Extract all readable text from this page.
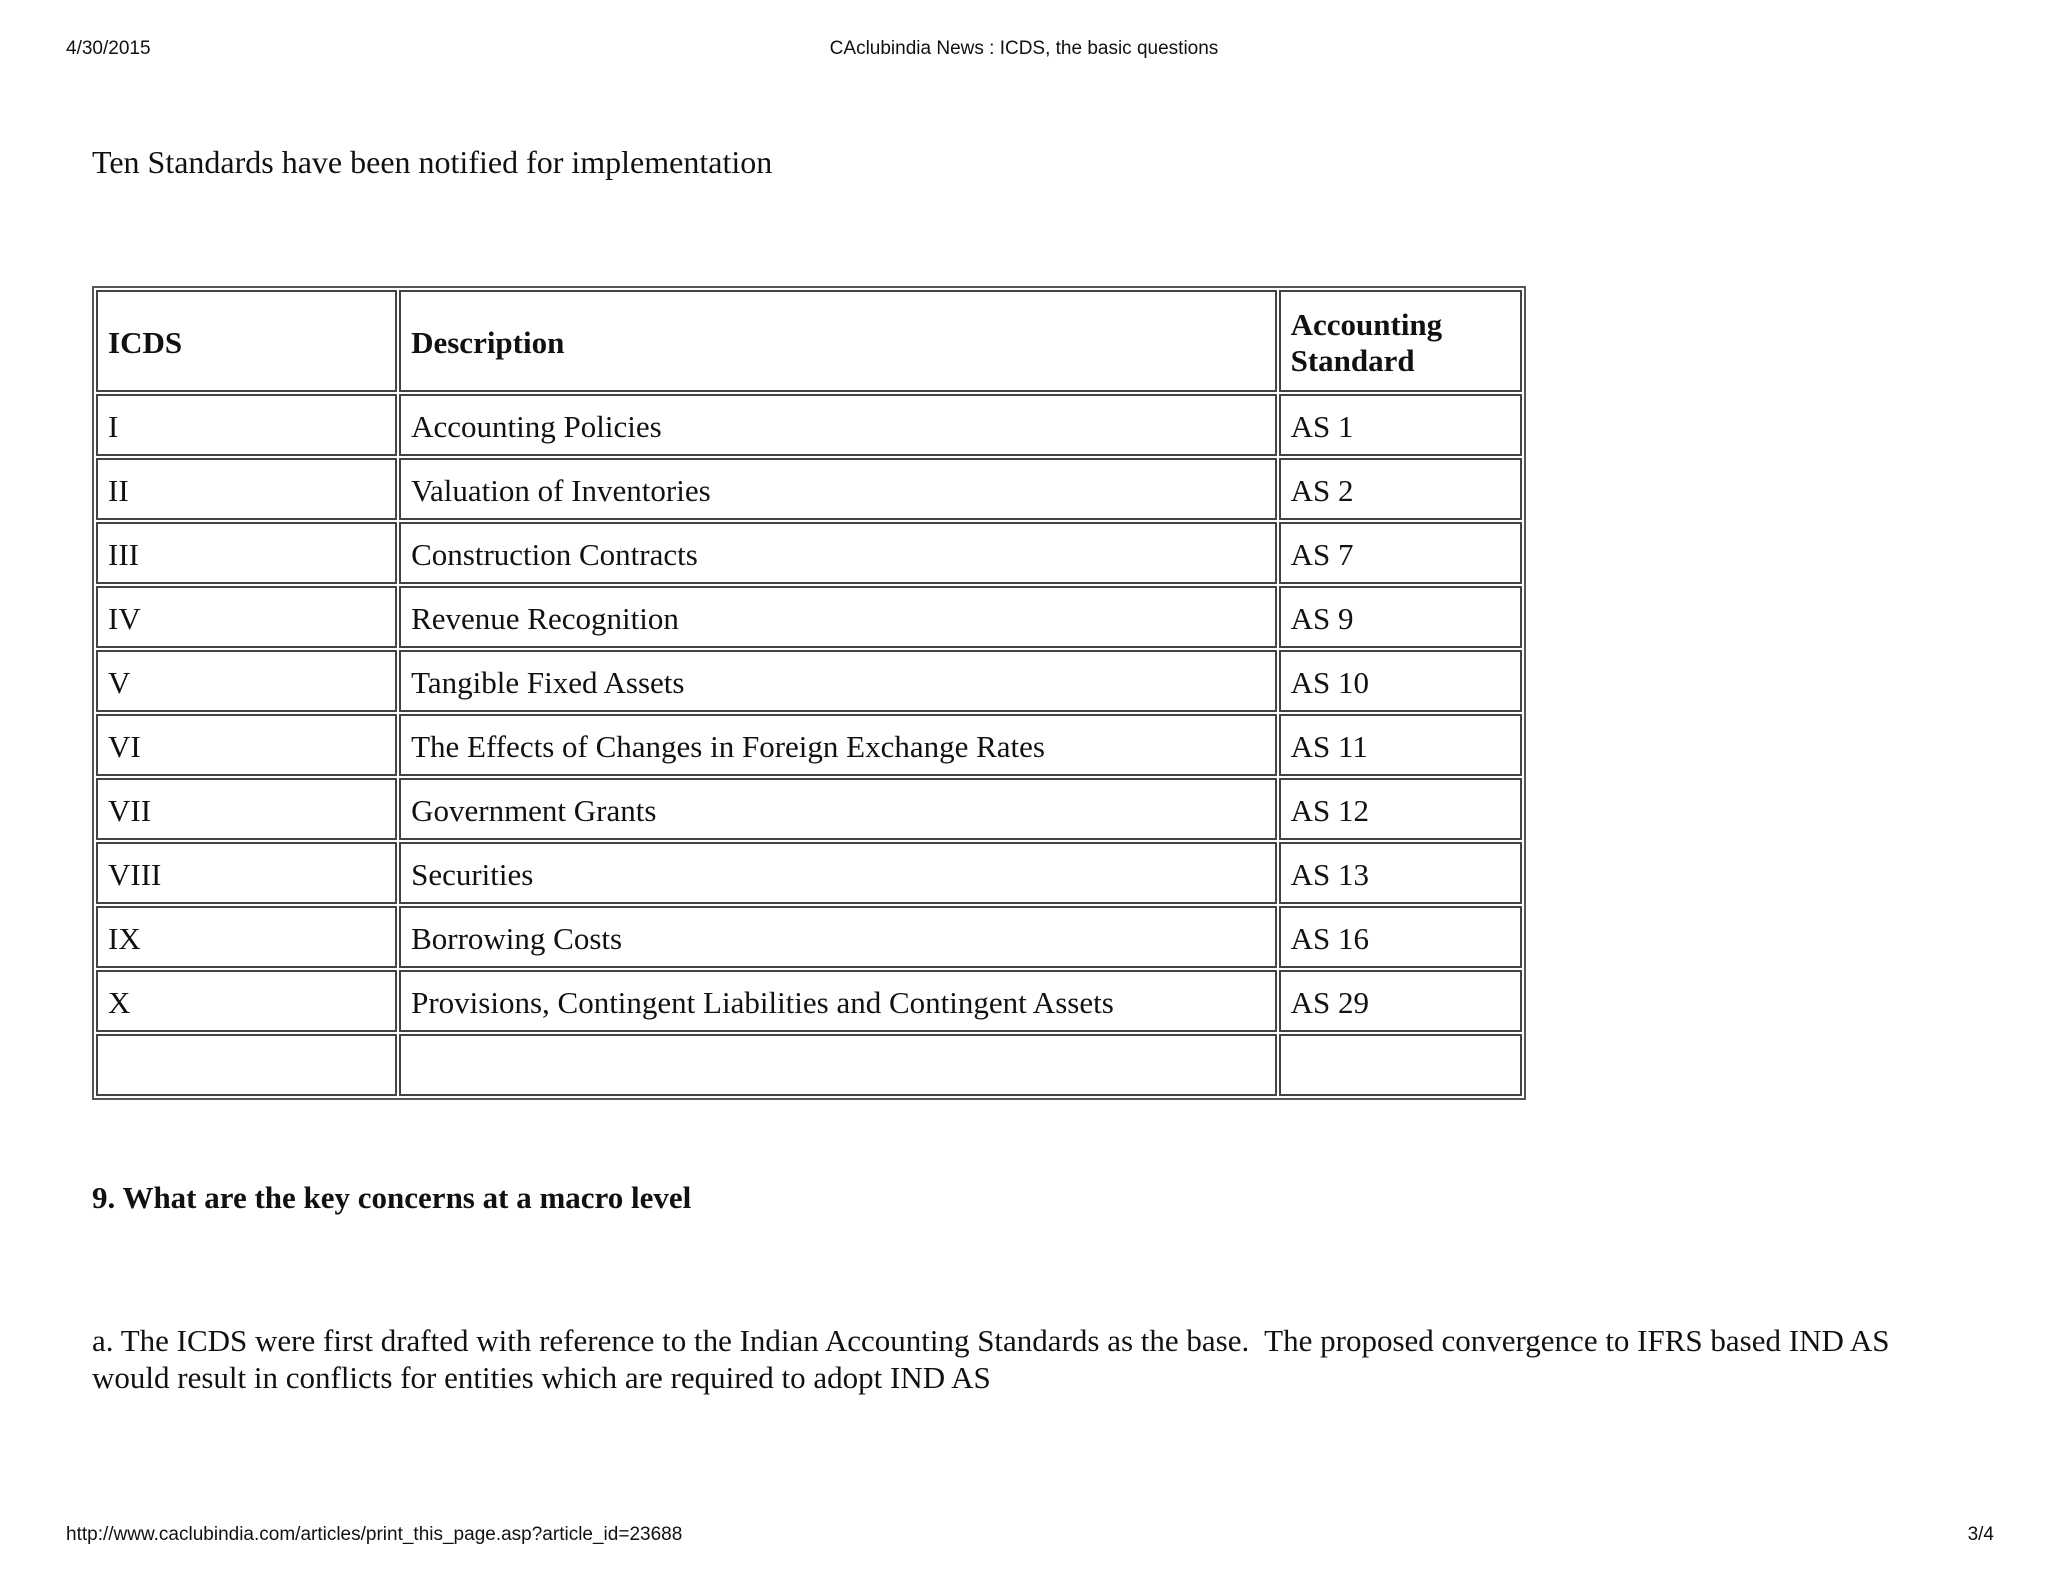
4/30/2015	CAclubindia News : ICDS, the basic questions
Ten Standards have been notified for implementation
ICDS	Description	Accounting Standard
I	Accounting Policies	AS 1
II	Valuation of Inventories	AS 2
III	Construction Contracts	AS 7
IV	Revenue Recognition	AS 9
V	Tangible Fixed Assets	AS 10
VI	The Effects of Changes in Foreign Exchange Rates	AS 11
VII	Government Grants	AS 12
VIII	Securities	AS 13
IX	Borrowing Costs	AS 16
X	Provisions, Contingent Liabilities and Contingent Assets	AS 29

9. What are the key concerns at a macro level
a. The ICDS were first drafted with reference to the Indian Accounting Standards as the base.  The proposed convergence to IFRS based IND AS would result in conflicts for entities which are required to adopt IND AS
http://www.caclubindia.com/articles/print_this_page.asp?article_id=23688	3/4
